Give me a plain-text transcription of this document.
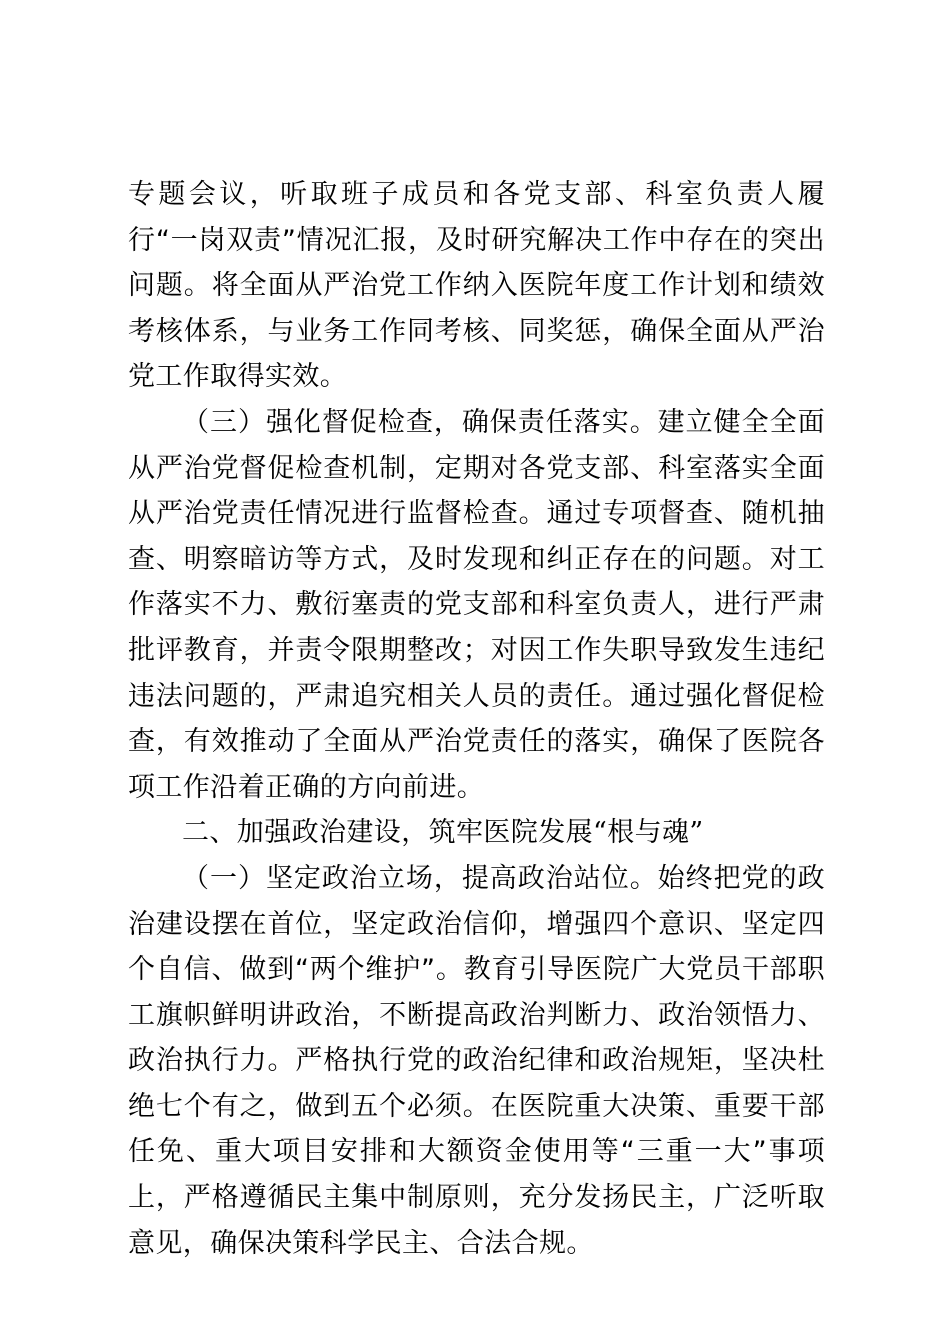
专题会议，听取班子成员和各党支部、科室负责人履行“一岗双责”情况汇报，及时研究解决工作中存在的突出问题。将全面从严治党工作纳入医院年度工作计划和绩效考核体系，与业务工作同考核、同奖惩，确保全面从严治党工作取得实效。

（三）强化督促检查，确保责任落实。建立健全全面从严治党督促检查机制，定期对各党支部、科室落实全面从严治党责任情况进行监督检查。通过专项督查、随机抽查、明察暗访等方式，及时发现和纠正存在的问题。对工作落实不力、敷衍塞责的党支部和科室负责人，进行严肃批评教育，并责令限期整改；对因工作失职导致发生违纪违法问题的，严肃追究相关人员的责任。通过强化督促检查，有效推动了全面从严治党责任的落实，确保了医院各项工作沿着正确的方向前进。

二、加强政治建设，筑牢医院发展“根与魂”

（一）坚定政治立场，提高政治站位。始终把党的政治建设摆在首位，坚定政治信仰，增强四个意识、坚定四个自信、做到“两个维护”。教育引导医院广大党员干部职工旗帜鲜明讲政治，不断提高政治判断力、政治领悟力、政治执行力。严格执行党的政治纪律和政治规矩，坚决杜绝七个有之，做到五个必须。在医院重大决策、重要干部任免、重大项目安排和大额资金使用等“三重一大”事项上，严格遵循民主集中制原则，充分发扬民主，广泛听取意见，确保决策科学民主、合法合规。
